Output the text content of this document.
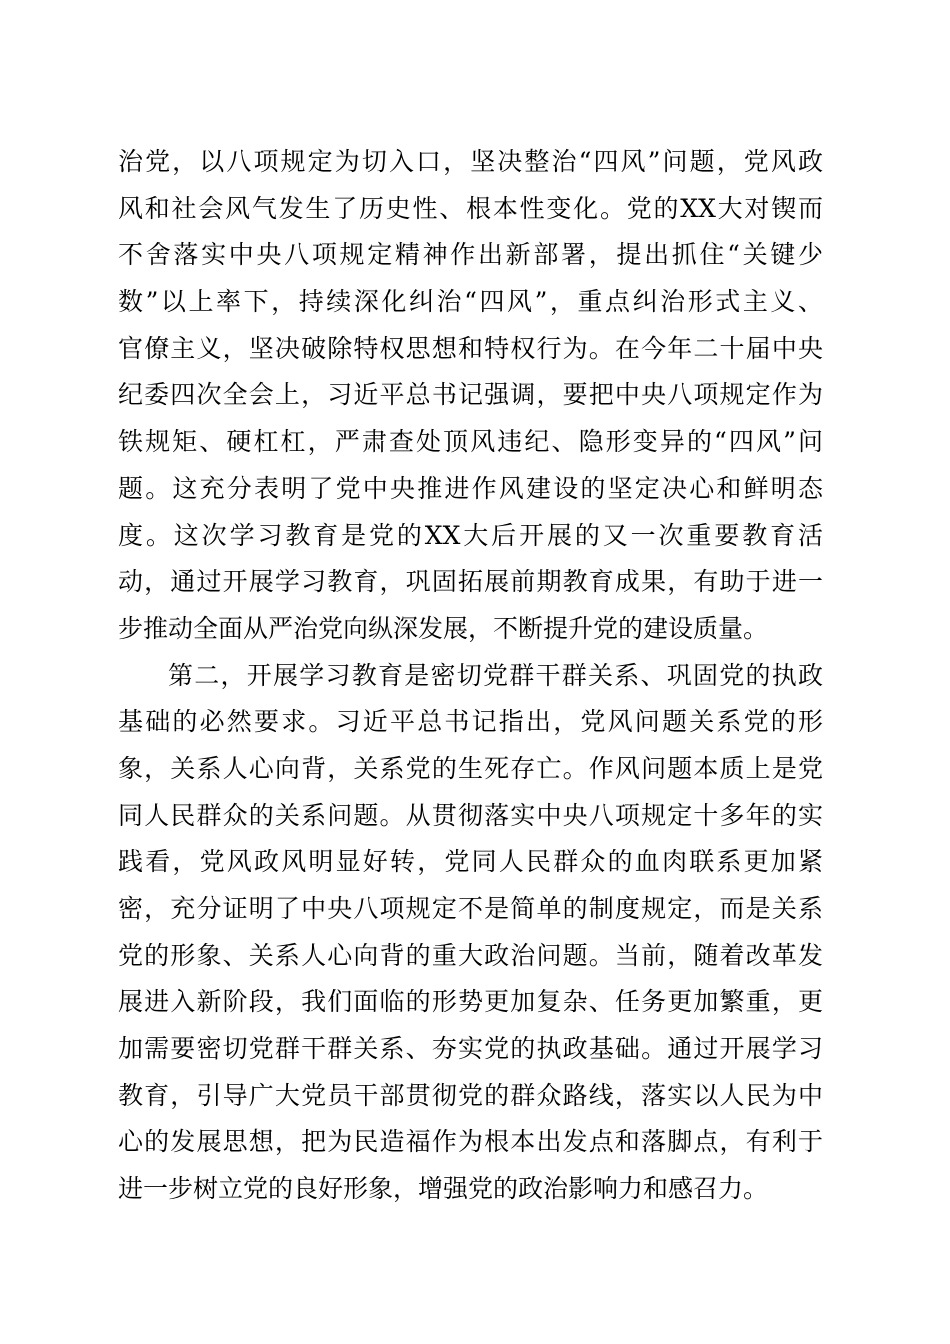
治党，以八项规定为切入口，坚决整治“四风”问题，党风政
风和社会风气发生了历史性、根本性变化。党的XX大对锲而
不舍落实中央八项规定精神作出新部署，提出抓住“关键少
数”以上率下，持续深化纠治“四风”，重点纠治形式主义、
官僚主义，坚决破除特权思想和特权行为。在今年二十届中央
纪委四次全会上，习近平总书记强调，要把中央八项规定作为
铁规矩、硬杠杠，严肃查处顶风违纪、隐形变异的“四风”问
题。这充分表明了党中央推进作风建设的坚定决心和鲜明态
度。这次学习教育是党的XX大后开展的又一次重要教育活
动，通过开展学习教育，巩固拓展前期教育成果，有助于进一
步推动全面从严治党向纵深发展，不断提升党的建设质量。
第二，开展学习教育是密切党群干群关系、巩固党的执政
基础的必然要求。习近平总书记指出，党风问题关系党的形
象，关系人心向背，关系党的生死存亡。作风问题本质上是党
同人民群众的关系问题。从贯彻落实中央八项规定十多年的实
践看，党风政风明显好转，党同人民群众的血肉联系更加紧
密，充分证明了中央八项规定不是简单的制度规定，而是关系
党的形象、关系人心向背的重大政治问题。当前，随着改革发
展进入新阶段，我们面临的形势更加复杂、任务更加繁重，更
加需要密切党群干群关系、夯实党的执政基础。通过开展学习
教育，引导广大党员干部贯彻党的群众路线，落实以人民为中
心的发展思想，把为民造福作为根本出发点和落脚点，有利于
进一步树立党的良好形象，增强党的政治影响力和感召力。
